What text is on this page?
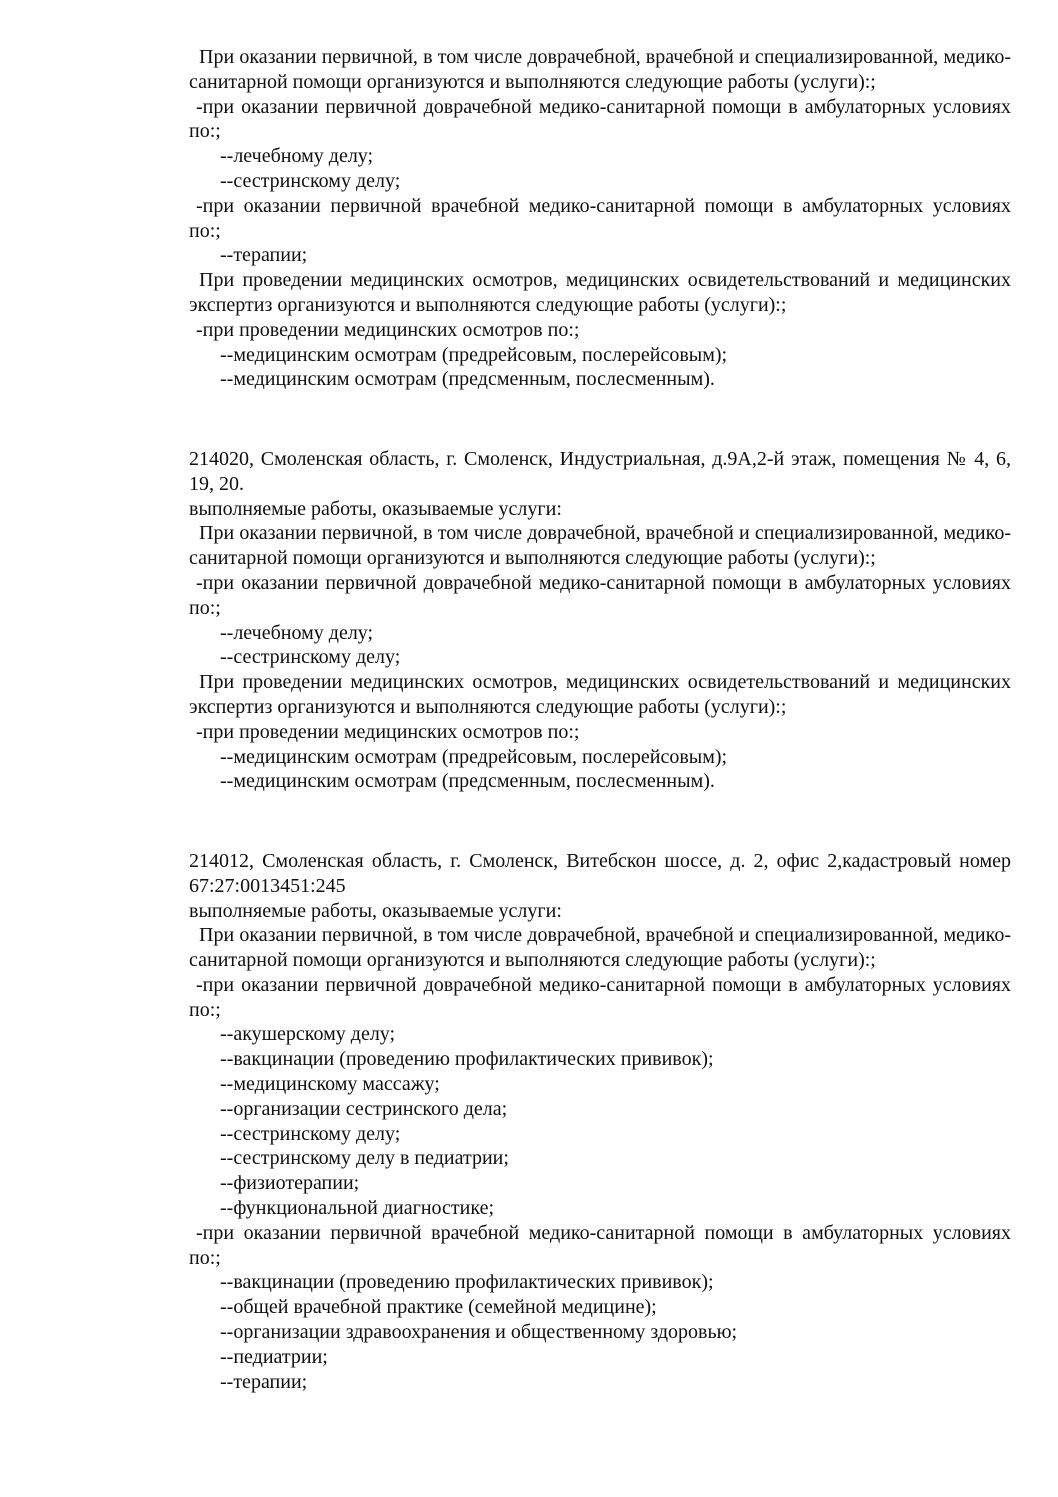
При оказании первичной, в том числе доврачебной, врачебной и специализированной, медико-санитарной помощи организуются и выполняются следующие работы (услуги):;
-при оказании первичной доврачебной медико-санитарной помощи в амбулаторных условиях по:;
--лечебному делу;
--сестринскому делу;
-при оказании первичной врачебной медико-санитарной помощи в амбулаторных условиях по:;
--терапии;
При проведении медицинских осмотров, медицинских освидетельствований и медицинских экспертиз организуются и выполняются следующие работы (услуги):;
-при проведении медицинских осмотров по:;
--медицинским осмотрам (предрейсовым, послерейсовым);
--медицинским осмотрам (предсменным, послесменным).
214020, Смоленская область, г. Смоленск, Индустриальная, д.9А,2-й этаж, помещения № 4, 6, 19, 20.
выполняемые работы, оказываемые услуги:
При оказании первичной, в том числе доврачебной, врачебной и специализированной, медико-санитарной помощи организуются и выполняются следующие работы (услуги):;
-при оказании первичной доврачебной медико-санитарной помощи в амбулаторных условиях по:;
--лечебному делу;
--сестринскому делу;
При проведении медицинских осмотров, медицинских освидетельствований и медицинских экспертиз организуются и выполняются следующие работы (услуги):;
-при проведении медицинских осмотров по:;
--медицинским осмотрам (предрейсовым, послерейсовым);
--медицинским осмотрам (предсменным, послесменным).
214012, Смоленская область, г. Смоленск, Витебскон шоссе, д. 2, офис 2,кадастровый номер 67:27:0013451:245
выполняемые работы, оказываемые услуги:
При оказании первичной, в том числе доврачебной, врачебной и специализированной, медико-санитарной помощи организуются и выполняются следующие работы (услуги):;
-при оказании первичной доврачебной медико-санитарной помощи в амбулаторных условиях по:;
--акушерскому делу;
--вакцинации (проведению профилактических прививок);
--медицинскому массажу;
--организации сестринского дела;
--сестринскому делу;
--сестринскому делу в педиатрии;
--физиотерапии;
--функциональной диагностике;
-при оказании первичной врачебной медико-санитарной помощи в амбулаторных условиях по:;
--вакцинации (проведению профилактических прививок);
--общей врачебной практике (семейной медицине);
--организации здравоохранения и общественному здоровью;
--педиатрии;
--терапии;
